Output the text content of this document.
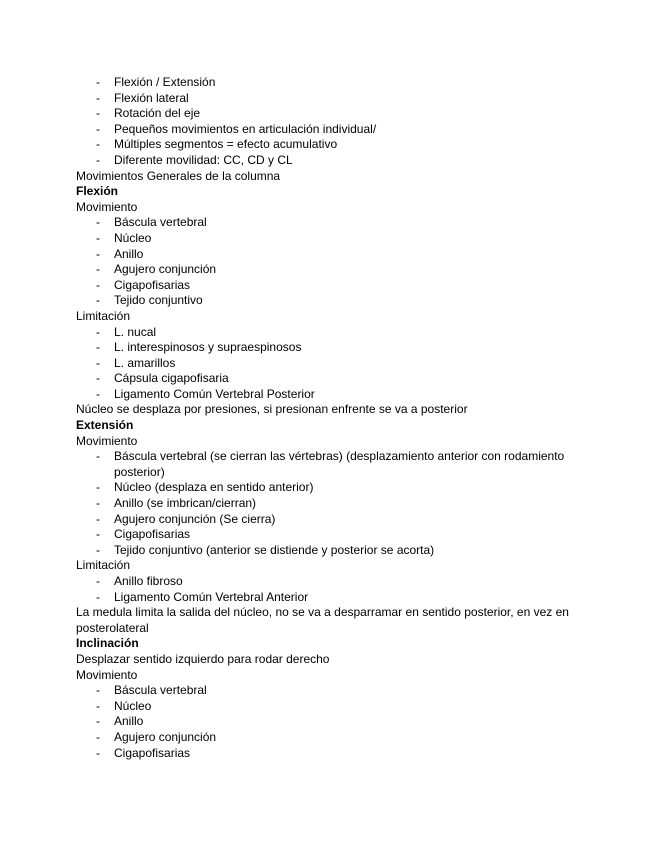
- Flexión / Extensión
- Flexión lateral
- Rotación del eje
- Pequeños movimientos en articulación individual/
- Múltiples segmentos = efecto acumulativo
- Diferente movilidad: CC, CD y CL
Movimientos Generales de la columna
Flexión
Movimiento
- Báscula vertebral
- Núcleo
- Anillo
- Agujero conjunción
- Cigapofisarias
- Tejido conjuntivo
Limitación
- L. nucal
- L. interespinosos y supraespinosos
- L. amarillos
- Cápsula cigapofisaria
- Ligamento Común Vertebral Posterior
Núcleo se desplaza por presiones, si presionan enfrente se va a posterior
Extensión
Movimiento
- Báscula vertebral (se cierran las vértebras) (desplazamiento anterior con rodamiento posterior)
- Núcleo (desplaza en sentido anterior)
- Anillo (se imbrican/cierran)
- Agujero conjunción (Se cierra)
- Cigapofisarias
- Tejido conjuntivo (anterior se distiende y posterior se acorta)
Limitación
- Anillo fibroso
- Ligamento Común Vertebral Anterior
La medula limita la salida del núcleo, no se va a desparramar en sentido posterior, en vez en posterolateral
Inclinación
Desplazar sentido izquierdo para rodar derecho
Movimiento
- Báscula vertebral
- Núcleo
- Anillo
- Agujero conjunción
- Cigapofisarias
